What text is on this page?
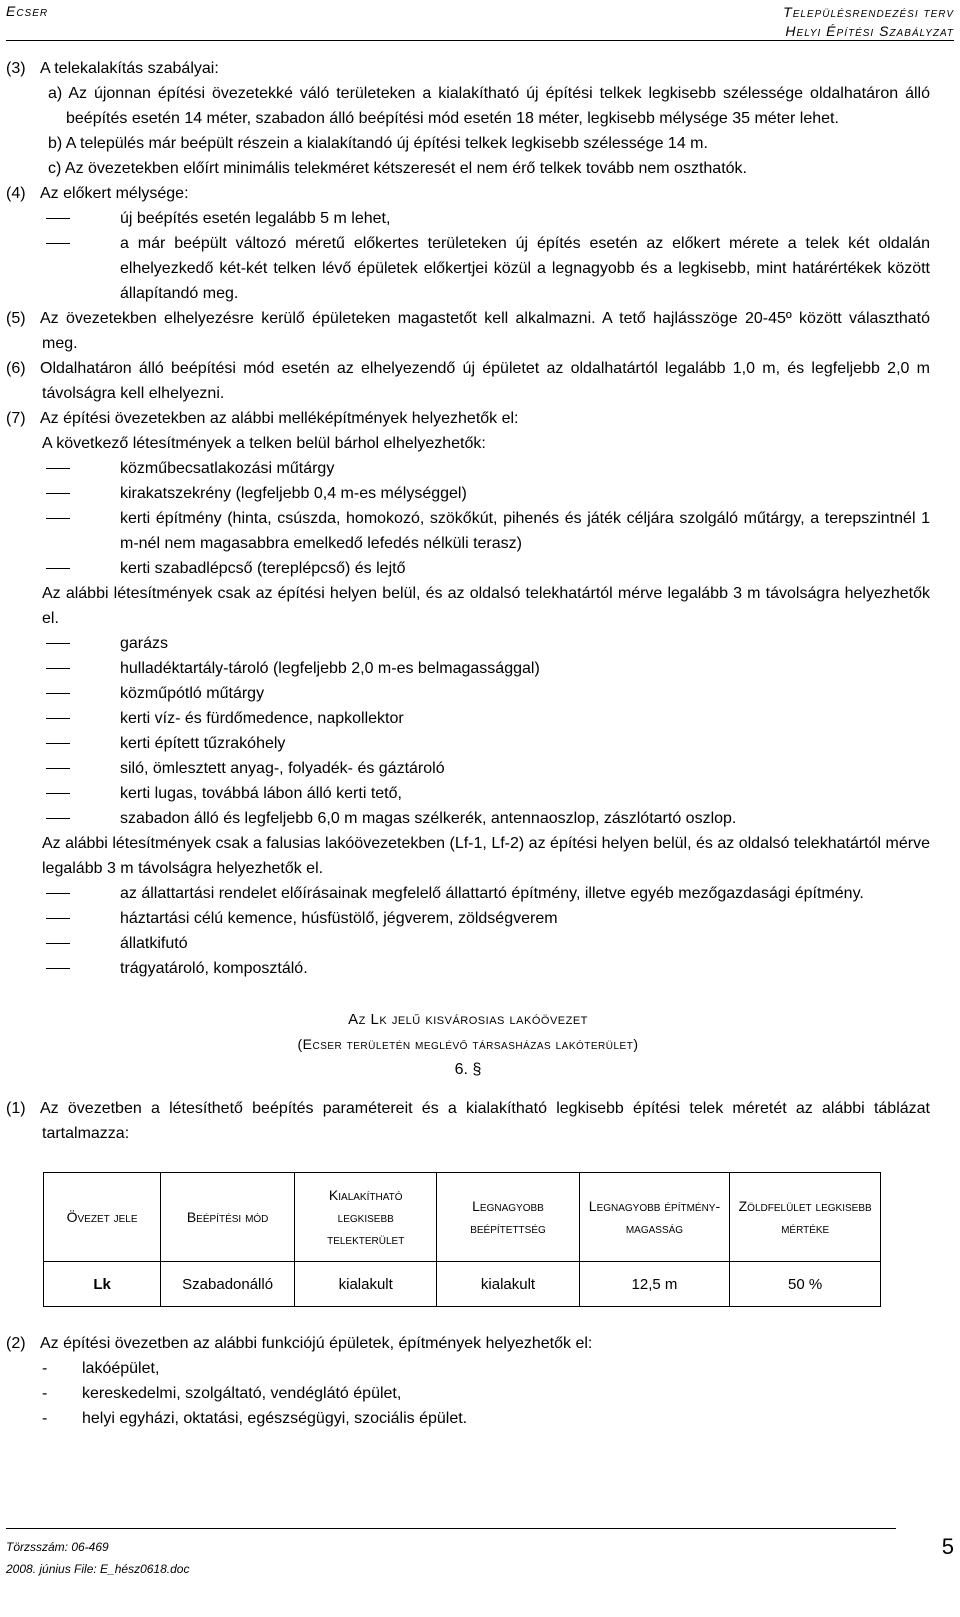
Ecser	Településrendezési terv
Helyi Építési Szabályzat

(3) A telekalakítás szabályai:

a) Az újonnan építési övezetekké váló területeken a kialakítható új építési telkek legkisebb szélessége oldalhatáron álló beépítés esetén 14 méter, szabadon álló beépítési mód esetén 18 méter, legkisebb mélysége 35 méter lehet.

b) A település már beépült részein a kialakítandó új építési telkek legkisebb szélessége 14 m.

c) Az övezetekben előírt minimális telekméret kétszeresét el nem érő telkek tovább nem oszthatók.

(4) Az előkert mélysége:

új beépítés esetén legalább 5 m lehet,

a már beépült változó méretű előkertes területeken új építés esetén az előkert mérete a telek két oldalán elhelyezkedő két-két telken lévő épületek előkertjei közül a legnagyobb és a legkisebb, mint határértékek között állapítandó meg.

(5) Az övezetekben elhelyezésre kerülő épületeken magastetőt kell alkalmazni. A tető hajlásszöge 20-45º között választható meg.

(6) Oldalhatáron álló beépítési mód esetén az elhelyezendő új épületet az oldalhatártól legalább 1,0 m, és legfeljebb 2,0 m távolságra kell elhelyezni.

(7) Az építési övezetekben az alábbi melléképítmények helyezhetők el:

A következő létesítmények a telken belül bárhol elhelyezhetők:

közműbecsatlakozási műtárgy

kirakatszekrény (legfeljebb 0,4 m-es mélységgel)

kerti építmény (hinta, csúszda, homokozó, szökőkút, pihenés és játék céljára szolgáló műtárgy, a terepszintnél 1 m-nél nem magasabbra emelkedő lefedés nélküli terasz)

kerti szabadlépcső (tereplépcső) és lejtő

Az alábbi létesítmények csak az építési helyen belül, és az oldalsó telekhatártól mérve legalább 3 m távolságra helyezhetők el.

garázs

hulladéktartály-tároló (legfeljebb 2,0 m-es belmagassággal)

közműpótló műtárgy

kerti víz- és fürdőmedence, napkollektor

kerti épített tűzrakóhely

siló, ömlesztett anyag-, folyadék- és gáztároló

kerti lugas, továbbá lábon álló kerti tető,

szabadon álló és legfeljebb 6,0 m magas szélkerék, antennaoszlop, zászlótartó oszlop.

Az alábbi létesítmények csak a falusias lakóövezetekben (Lf-1, Lf-2) az építési helyen belül, és az oldalsó telekhatártól mérve legalább 3 m távolságra helyezhetők el.

az állattartási rendelet előírásainak megfelelő állattartó építmény, illetve egyéb mezőgazdasági építmény.

háztartási célú kemence, húsfüstölő, jégverem, zöldségverem

állatkifutó

trágyatároló, komposztáló.

Az Lk jelű kisvárosias lakóövezet

(Ecser területén meglévő társasházas lakóterület)

6. §

(1) Az övezetben a létesíthető beépítés paramétereit és a kialakítható legkisebb építési telek méretét az alábbi táblázat tartalmazza:

Övezet jele	Beépítési mód	Kialakítható legkisebb telekterület	Legnagyobb beépítettség	Legnagyobb építmény-magasság	Zöldfelület legkisebb mértéke
Lk	Szabadonálló	kialakult	kialakult	12,5 m	50 %

(2) Az építési övezetben az alábbi funkciójú épületek, építmények helyezhetők el:

- lakóépület,

- kereskedelmi, szolgáltató, vendéglátó épület,

- helyi egyházi, oktatási, egészségügyi, szociális épület.

Törzsszám: 06-469
2008. június File: E_hész0618.doc
5
